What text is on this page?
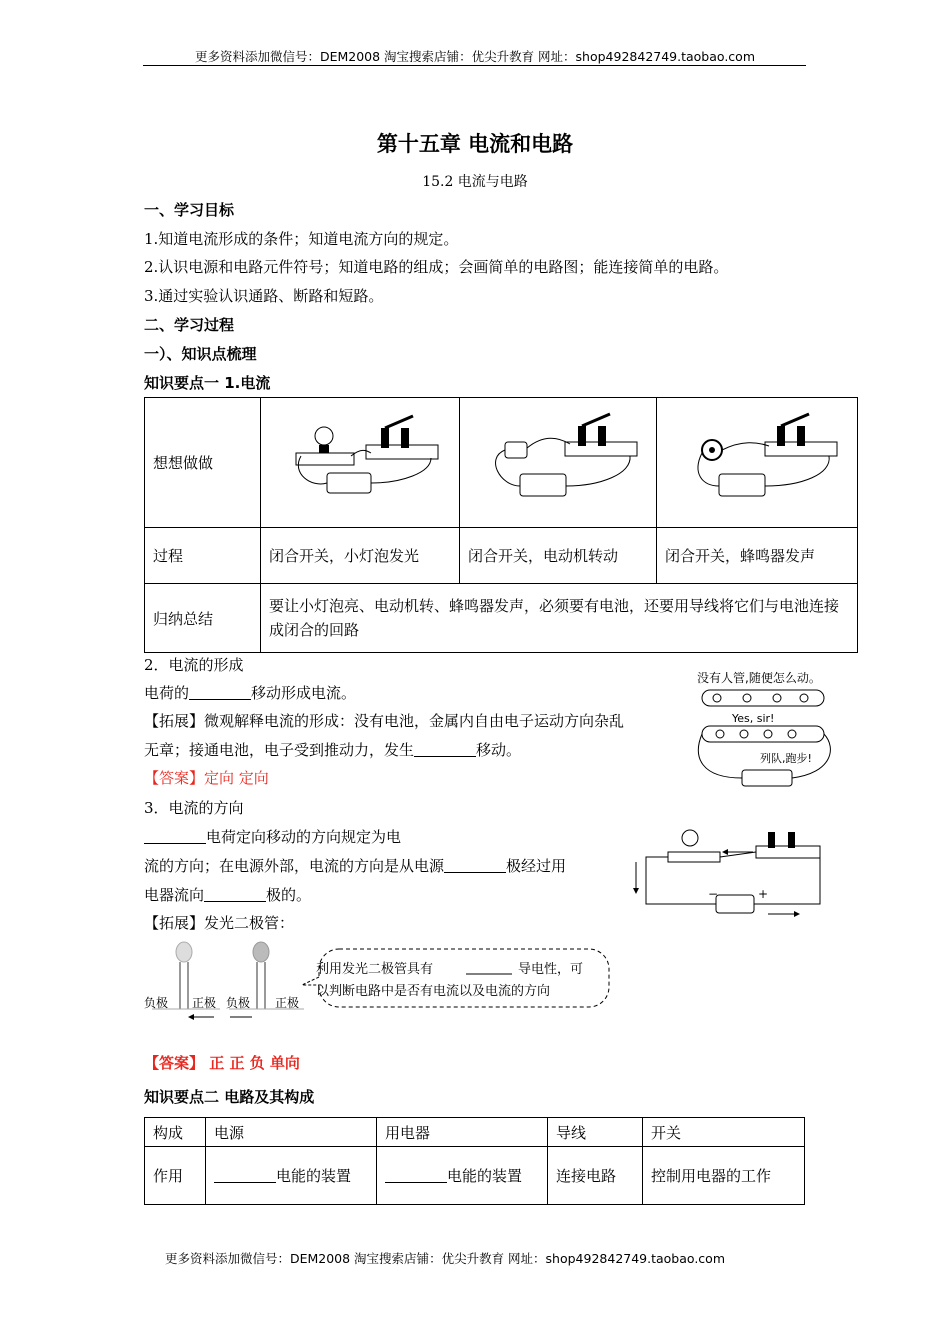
更多资料添加微信号：DEM2008 淘宝搜索店铺：优尖升教育 网址：shop492842749.taobao.com
第十五章 电流和电路
15.2 电流与电路
一、学习目标
1.知道电流形成的条件；知道电流方向的规定。
2.认识电源和电路元件符号；知道电路的组成；会画简单的电路图；能连接简单的电路。
3.通过实验认识通路、断路和短路。
二、学习过程
一）、知识点梳理
知识要点一 1.电流
想想做做			
过程	闭合开关，小灯泡发光	闭合开关，电动机转动	闭合开关，蜂鸣器发声
归纳总结	要让小灯泡亮、电动机转、蜂鸣器发声，必须要有电池，还要用导线将它们与电池连接成闭合的回路		
2．电流的形成
电荷的	移动形成电流。
【拓展】微观解释电流的形成：没有电池，金属内自由电子运动方向杂乱
无章；接通电池，电子受到推动力，发生	移动。
【答案】定向 定向
没有人管,随便怎么动。
Yes, sir!
列队,跑步!
3．电流的方向
电荷定向移动的方向规定为电
流的方向；在电源外部，电流的方向是从电源	极经过用
电器流向	极的。
【拓展】发光二极管：
−	+
负极 正极 负极 正极
利用发光二极管具有	导电性，可
以判断电路中是否有电流以及电流的方向
【答案】 正 正 负 单向
知识要点二 电路及其构成
构成	电源	用电器	导线	开关
作用	电能的装置	电能的装置	连接电路	控制用电器的工作
更多资料添加微信号：DEM2008 淘宝搜索店铺：优尖升教育 网址：shop492842749.taobao.com
